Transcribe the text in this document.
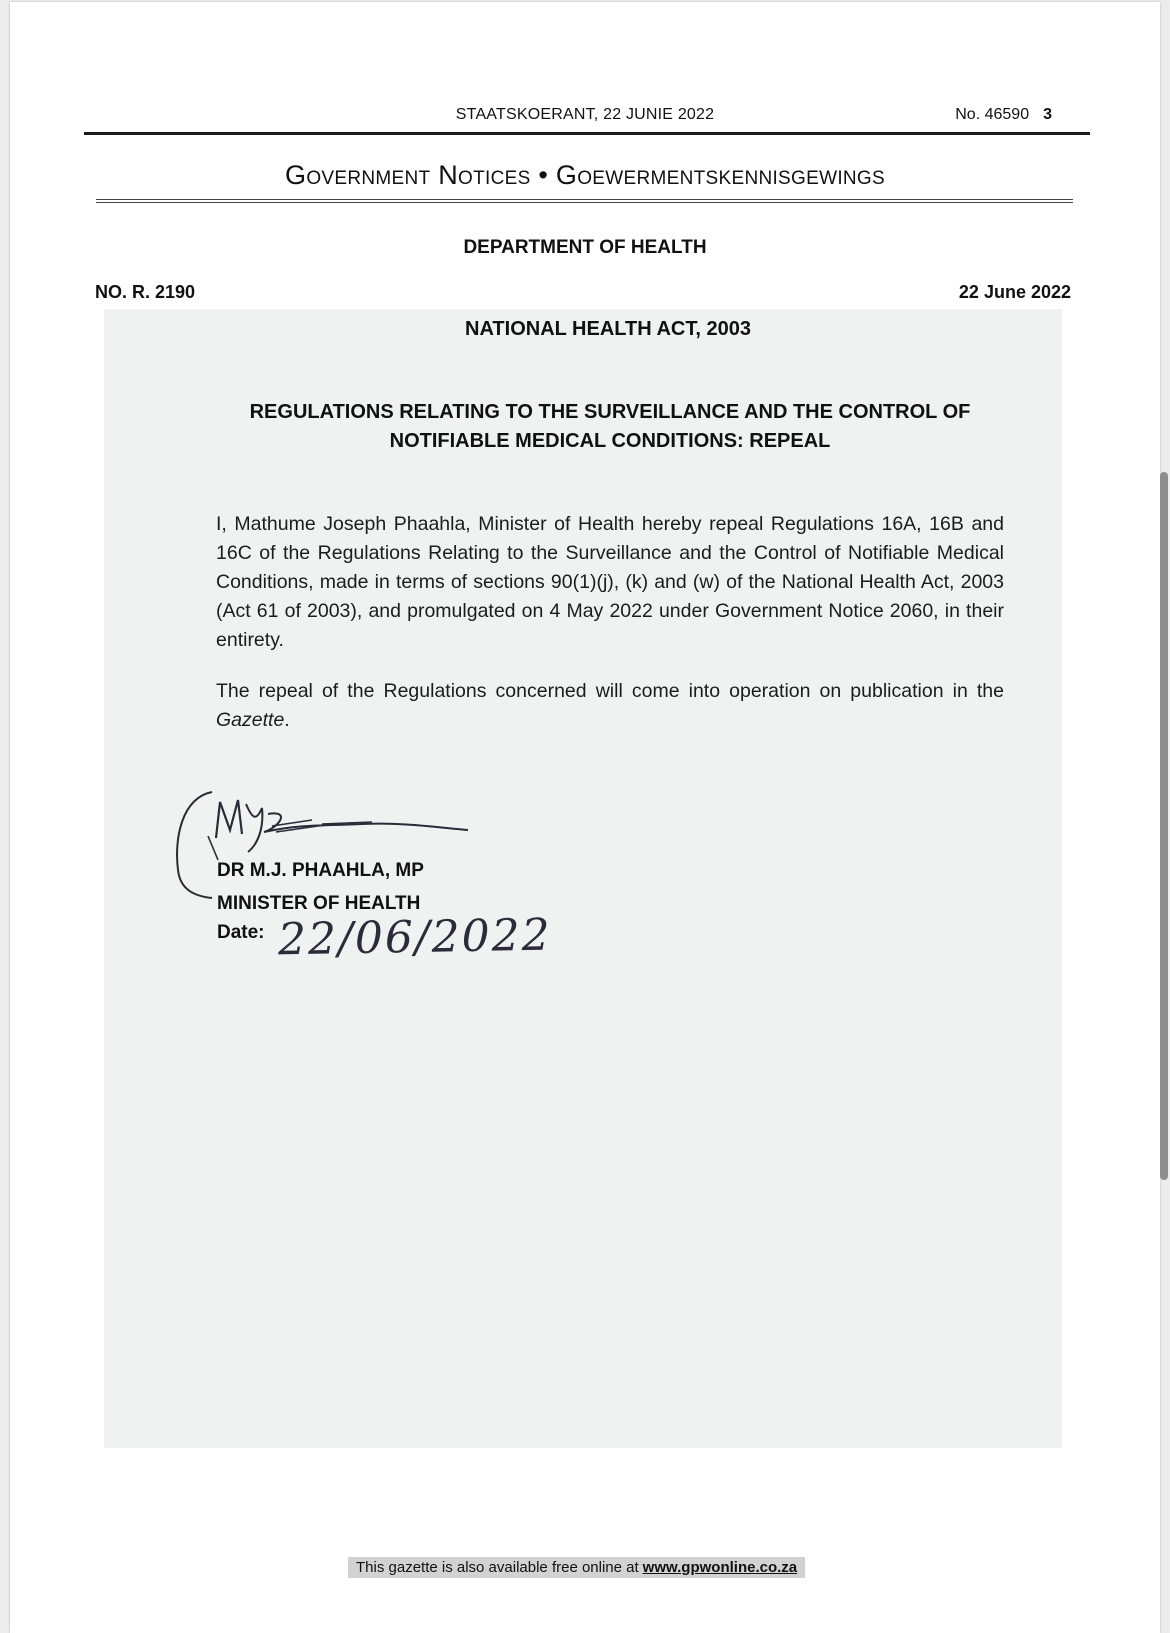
STAATSKOERANT, 22 JUNIE 2022	No. 46590 3
Government Notices • Goewermentskennisgewings
DEPARTMENT OF HEALTH
NO. R. 2190	22 June 2022
NATIONAL HEALTH ACT, 2003
REGULATIONS RELATING TO THE SURVEILLANCE AND THE CONTROL OF NOTIFIABLE MEDICAL CONDITIONS: REPEAL
I, Mathume Joseph Phaahla, Minister of Health hereby repeal Regulations 16A, 16B and 16C of the Regulations Relating to the Surveillance and the Control of Notifiable Medical Conditions, made in terms of sections 90(1)(j), (k) and (w) of the National Health Act, 2003 (Act 61 of 2003), and promulgated on 4 May 2022 under Government Notice 2060, in their entirety.
The repeal of the Regulations concerned will come into operation on publication in the Gazette.
DR M.J. PHAAHLA, MP
MINISTER OF HEALTH
Date: 22/06/2022
This gazette is also available free online at www.gpwonline.co.za
